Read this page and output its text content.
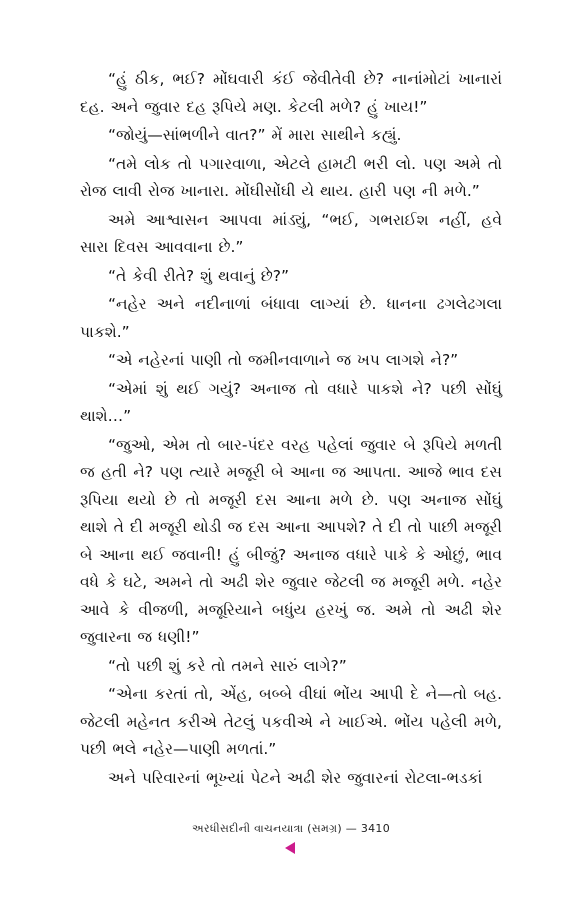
“હું ઠીક, ભઈ? મોંઘવારી કંઈ જેવીતેવી છે? નાનાંમોટાં ખાનારાં દહ. અને જુવાર દહ રૂપિયે મણ. કેટલી મળે? હું ખાય!”

“જોયું—સાંભળીને વાત?” મેં મારા સાથીને કહ્યું.

“તમે લોક તો પગારવાળા, એટલે હામટી ભરી લો. પણ અમે તો રોજ લાવી રોજ ખાનારા. મોંઘીસોંઘી યે થાય. હારી પણ ની મળે.”

અમે આશ્વાસન આપવા માંડ્યું, “ભઈ, ગભરાઈશ નહીં, હવે સારા દિવસ આવવાના છે.”

“તે કેવી રીતે? શું થવાનું છે?”

“નહેર અને નદીનાળાં બંધાવા લાગ્યાં છે. ધાનના ઢગલેઢગલા પાકશે.”

“એ નહેરનાં પાણી તો જમીનવાળાને જ ખપ લાગશે ને?”

“એમાં શું થઈ ગયું? અનાજ તો વધારે પાકશે ને? પછી સોંઘું થાશે…”

“જુઓ, એમ તો બાર-પંદર વરહ પહેલાં જુવાર બે રૂપિયે મળતી જ હતી ને? પણ ત્યારે મજૂરી બે આના જ આપતા. આજે ભાવ દસ રૂપિયા થયો છે તો મજૂરી દસ આના મળે છે. પણ અનાજ સોંઘું થાશે તે દી મજૂરી થોડી જ દસ આના આપશે? તે દી તો પાછી મજૂરી બે આના થઈ જવાની! હું બીજું? અનાજ વધારે પાકે કે ઓછું, ભાવ વધે કે ઘટે, અમને તો અઢી શેર જુવાર જેટલી જ મજૂરી મળે. નહેર આવે કે વીજળી, મજૂરિયાને બધુંય હરખું જ. અમે તો અઢી શેર જુવારના જ ધણી!”

“તો પછી શું કરે તો તમને સારું લાગે?”

“એના કરતાં તો, એંહ, બબ્બે વીઘાં ભોંય આપી દે ને—તો બહ. જેટલી મહેનત કરીએ તેટલું પકવીએ ને ખાઈએ. ભોંય પહેલી મળે, પછી ભલે નહેર—પાણી મળતાં.”

અને પરિવારનાં ભૂખ્યાં પેટને અઢી શેર જુવારનાં રોટલા-ભડકાં

અરધીસદીની વાચનયાત્રા (સમગ્ર) — 3410
